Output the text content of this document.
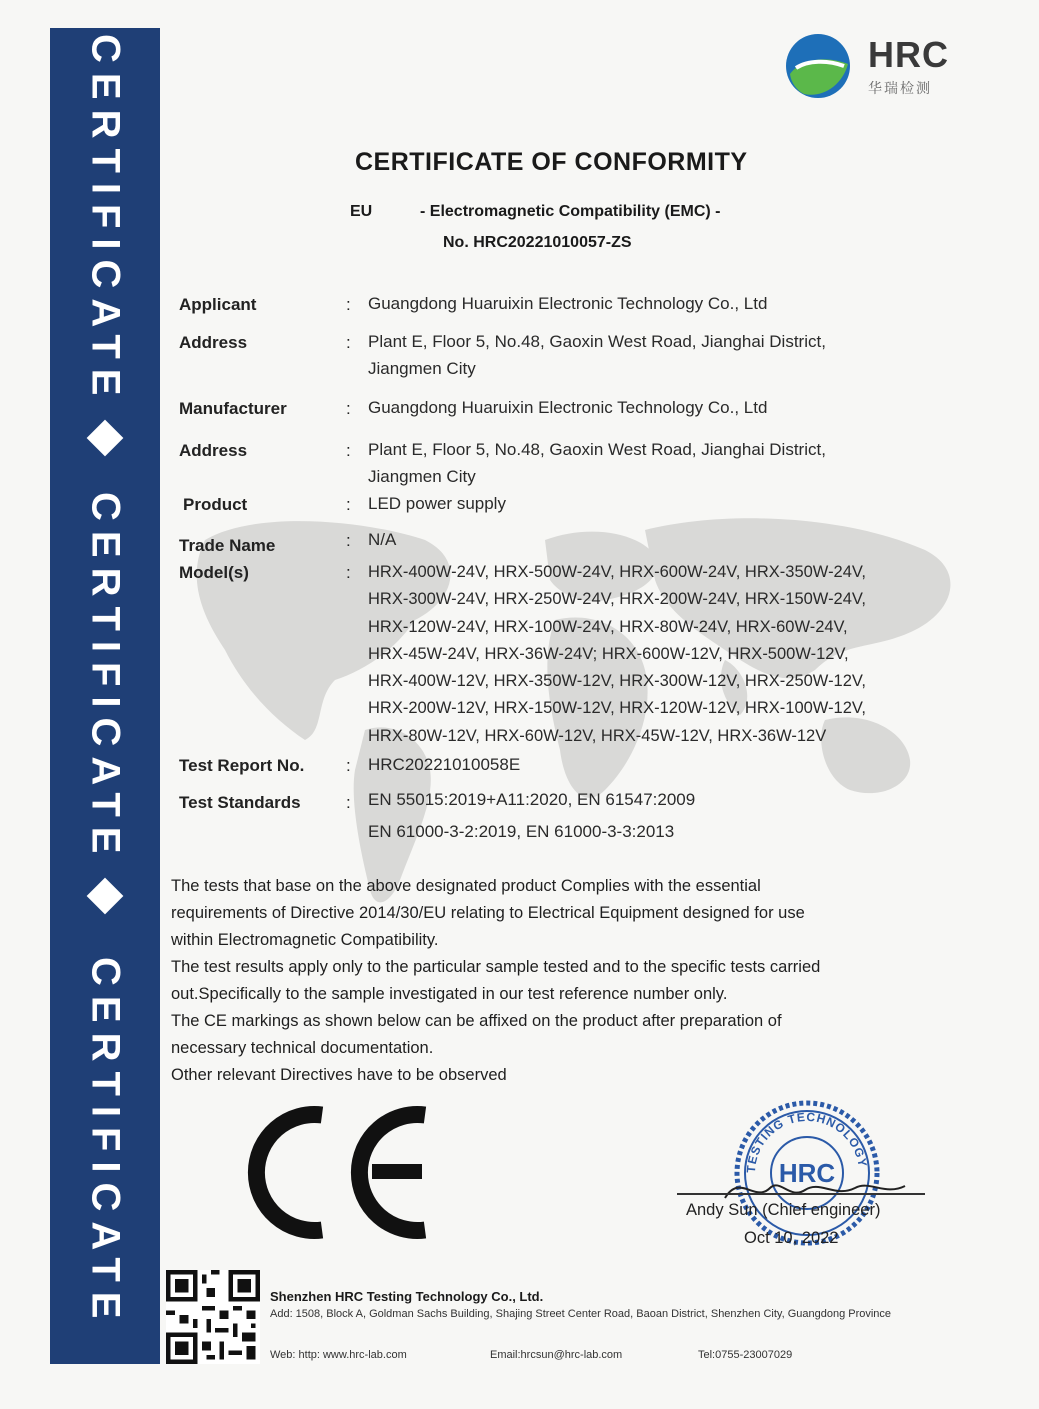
CERTIFICATE
CERTIFICATE
CERTIFICATE
HRC
华瑞检测
CERTIFICATE OF CONFORMITY
EU	- Electromagnetic Compatibility (EMC) -
No. HRC20221010057-ZS
Applicant	: Guangdong Huaruixin Electronic Technology Co., Ltd
Address	: Plant E, Floor 5, No.48, Gaoxin West Road, Jianghai District,
Jiangmen City
Manufacturer	: Guangdong Huaruixin Electronic Technology Co., Ltd
Address	: Plant E, Floor 5, No.48, Gaoxin West Road, Jianghai District,
Jiangmen City
Product	: LED power supply
Trade Name	: N/A
Model(s)	: HRX-400W-24V, HRX-500W-24V, HRX-600W-24V, HRX-350W-24V,
HRX-300W-24V, HRX-250W-24V, HRX-200W-24V, HRX-150W-24V,
HRX-120W-24V, HRX-100W-24V, HRX-80W-24V, HRX-60W-24V,
HRX-45W-24V, HRX-36W-24V; HRX-600W-12V, HRX-500W-12V,
HRX-400W-12V, HRX-350W-12V, HRX-300W-12V, HRX-250W-12V,
HRX-200W-12V, HRX-150W-12V, HRX-120W-12V, HRX-100W-12V,
HRX-80W-12V, HRX-60W-12V, HRX-45W-12V, HRX-36W-12V
Test Report No. : HRC20221010058E
Test Standards	: EN 55015:2019+A11:2020, EN 61547:2009
EN 61000-3-2:2019, EN 61000-3-3:2013
The tests that base on the above designated product Complies with the essential
requirements of Directive 2014/30/EU relating to Electrical Equipment designed for use
within Electromagnetic Compatibility.
The test results apply only to the particular sample tested and to the specific tests carried
out.Specifically to the sample investigated in our test reference number only.
The CE markings as shown below can be affixed on the product after preparation of
necessary technical documentation.
Other relevant Directives have to be observed
TESTING TECHNOLOGY
HRC
Andy Sun (Chief engineer)
Oct 10, 2022
Shenzhen HRC Testing Technology Co., Ltd.
Add: 1508, Block A, Goldman Sachs Building, Shajing Street Center Road, Baoan District, Shenzhen City, Guangdong Province
Web: http: www.hrc-lab.com	Email:hrcsun@hrc-lab.com	Tel:0755-23007029
